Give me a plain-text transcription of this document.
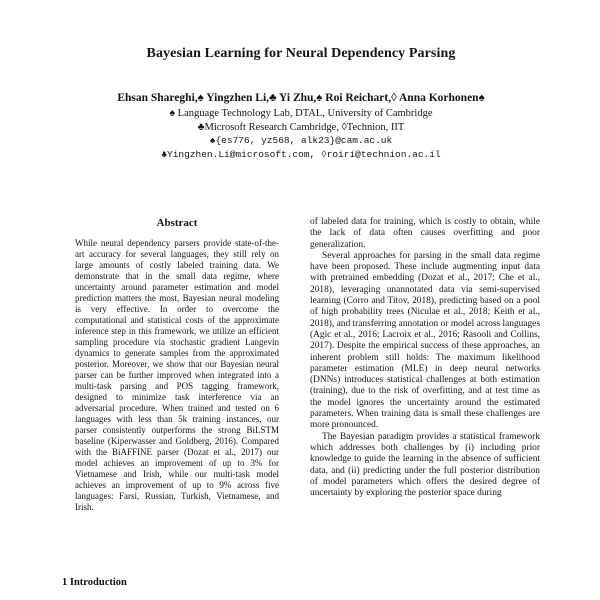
Bayesian Learning for Neural Dependency Parsing
Ehsan Shareghi,♠ Yingzhen Li,♣ Yi Zhu,♠ Roi Reichart,◊ Anna Korhonen♠
♠ Language Technology Lab, DTAL, University of Cambridge
♣Microsoft Research Cambridge, ◊Technion, IIT
♠{es776, yz568, alk23}@cam.ac.uk
♣Yingzhen.Li@microsoft.com, ◊roiri@technion.ac.il
Abstract

While neural dependency parsers provide state-of-the-art accuracy for several languages, they still rely on large amounts of costly labeled training data. We demonstrate that in the small data regime, where uncertainty around parameter estimation and model prediction matters the most, Bayesian neural modeling is very effective. In order to overcome the computational and statistical costs of the approximate inference step in this framework, we utilize an efficient sampling procedure via stochastic gradient Langevin dynamics to generate samples from the approximated posterior. Moreover, we show that our Bayesian neural parser can be further improved when integrated into a multi-task parsing and POS tagging framework, designed to minimize task interference via an adversarial procedure. When trained and tested on 6 languages with less than 5k training instances, our parser consistently outperforms the strong BiLSTM baseline (Kiperwasser and Goldberg, 2016). Compared with the BiAFFINE parser (Dozat et al., 2017) our model achieves an improvement of up to 3% for Vietnamese and Irish, while our multi-task model achieves an improvement of up to 9% across five languages: Farsi, Russian, Turkish, Vietnamese, and Irish.

1 Introduction

of labeled data for training, which is costly to obtain, while the lack of data often causes overfitting and poor generalization.

Several approaches for parsing in the small data regime have been proposed. These include augmenting input data with pretrained embedding (Dozat et al., 2017; Che et al., 2018), leveraging unannotated data via semi-supervised learning (Corro and Titov, 2018), predicting based on a pool of high probability trees (Niculae et al., 2018; Keith et al., 2018), and transferring annotation or model across languages (Agic et al., 2016; Lacroix et al., 2016; Rasooli and Collins, 2017). Despite the empirical success of these approaches, an inherent problem still holds: The maximum likelihood parameter estimation (MLE) in deep neural networks (DNNs) introduces statistical challenges at both estimation (training), due to the risk of overfitting, and at test time as the model ignores the uncertainty around the estimated parameters. When training data is small these challenges are more pronounced.

The Bayesian paradigm provides a statistical framework which addresses both challenges by (i) including prior knowledge to guide the learning in the absence of sufficient data, and (ii) predicting under the full posterior distribution of model parameters which offers the desired degree of uncertainty by exploring the posterior space during
